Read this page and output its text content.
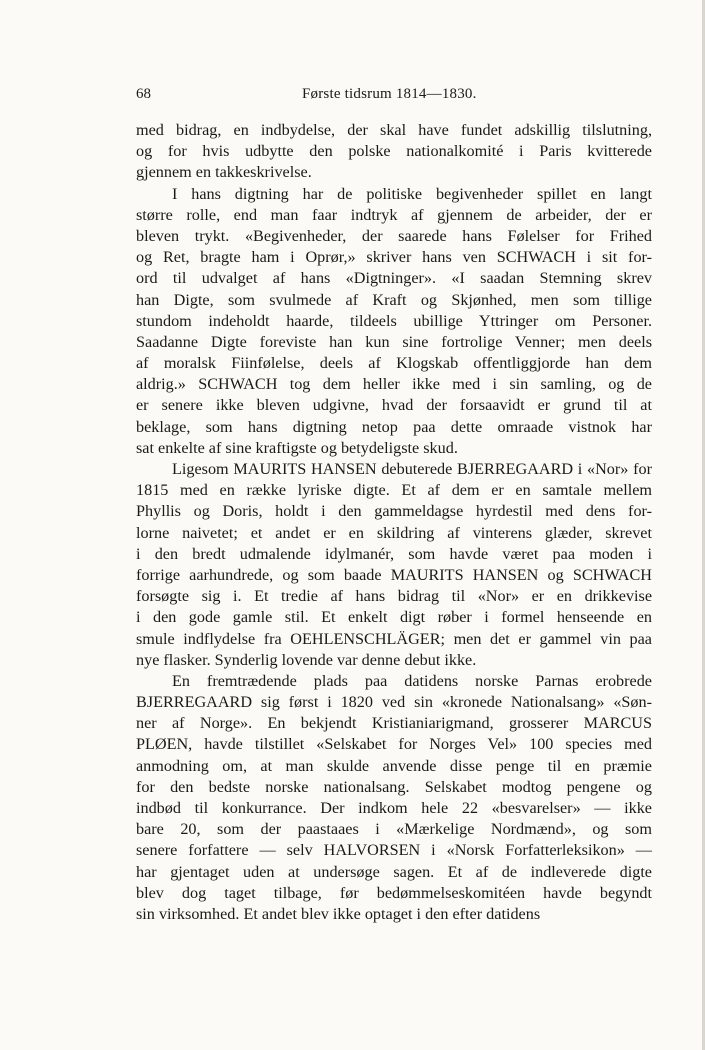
68	Første tidsrum 1814—1830.
med bidrag, en indbydelse, der skal have fundet adskillig tilslutning,
og for hvis udbytte den polske nationalkomité i Paris kvitterede
gjennem en takkeskrivelse.
I hans digtning har de politiske begivenheder spillet en langt
større rolle, end man faar indtryk af gjennem de arbeider, der er
bleven trykt. «Begivenheder, der saarede hans Følelser for Frihed
og Ret, bragte ham i Oprør,» skriver hans ven SCHWACH i sit for-
ord til udvalget af hans «Digtninger». «I saadan Stemning skrev
han Digte, som svulmede af Kraft og Skjønhed, men som tillige
stundom indeholdt haarde, tildeels ubillige Yttringer om Personer.
Saadanne Digte foreviste han kun sine fortrolige Venner; men deels
af moralsk Fiinfølelse, deels af Klogskab offentliggjorde han dem
aldrig.» SCHWACH tog dem heller ikke med i sin samling, og de
er senere ikke bleven udgivne, hvad der forsaavidt er grund til at
beklage, som hans digtning netop paa dette omraade vistnok har
sat enkelte af sine kraftigste og betydeligste skud.
Ligesom MAURITS HANSEN debuterede BJERREGAARD i «Nor» for
1815 med en række lyriske digte. Et af dem er en samtale mellem
Phyllis og Doris, holdt i den gammeldagse hyrdestil med dens for-
lorne naivetet; et andet er en skildring af vinterens glæder, skrevet
i den bredt udmalende idylmanér, som havde været paa moden i
forrige aarhundrede, og som baade MAURITS HANSEN og SCHWACH
forsøgte sig i. Et tredie af hans bidrag til «Nor» er en drikkevise
i den gode gamle stil. Et enkelt digt røber i formel henseende en
smule indflydelse fra OEHLENSCHLÄGER; men det er gammel vin paa
nye flasker. Synderlig lovende var denne debut ikke.
En fremtrædende plads paa datidens norske Parnas erobrede
BJERREGAARD sig først i 1820 ved sin «kronede Nationalsang» «Søn-
ner af Norge». En bekjendt Kristianiarigmand, grosserer MARCUS
PLØEN, havde tilstillet «Selskabet for Norges Vel» 100 species med
anmodning om, at man skulde anvende disse penge til en præmie
for den bedste norske nationalsang. Selskabet modtog pengene og
indbød til konkurrance. Der indkom hele 22 «besvarelser» — ikke
bare 20, som der paastaaes i «Mærkelige Nordmænd», og som
senere forfattere — selv HALVORSEN i «Norsk Forfatterleksikon» —
har gjentaget uden at undersøge sagen. Et af de indleverede digte
blev dog taget tilbage, før bedømmelseskomitéen havde begyndt
sin virksomhed. Et andet blev ikke optaget i den efter datidens
